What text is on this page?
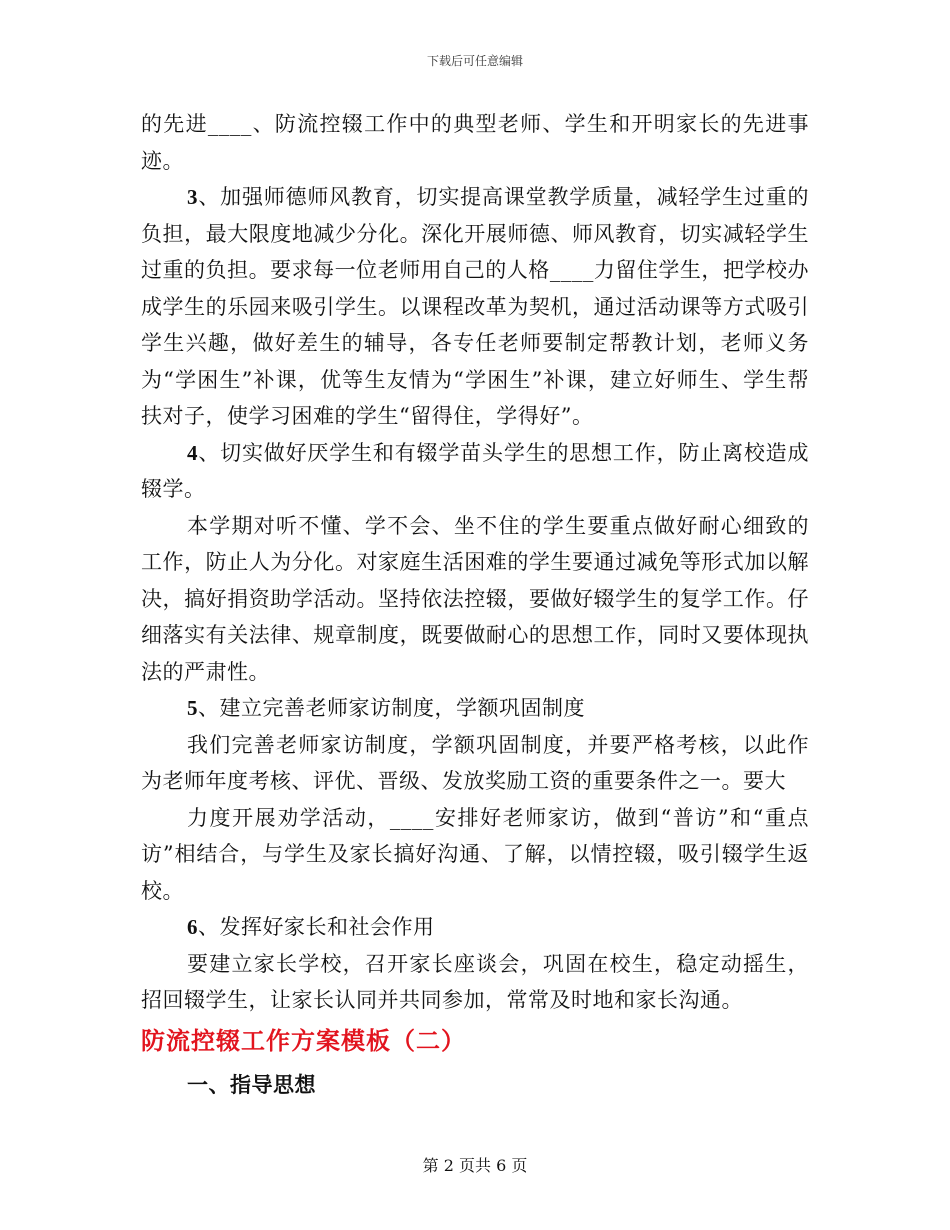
下载后可任意编辑

的先进____、防流控辍工作中的典型老师、学生和开明家长的先进事迹。

3、加强师德师风教育，切实提高课堂教学质量，减轻学生过重的负担，最大限度地减少分化。深化开展师德、师风教育，切实减轻学生过重的负担。要求每一位老师用自己的人格____力留住学生，把学校办成学生的乐园来吸引学生。以课程改革为契机，通过活动课等方式吸引学生兴趣，做好差生的辅导，各专任老师要制定帮教计划，老师义务为“学困生”补课，优等生友情为“学困生”补课，建立好师生、学生帮扶对子，使学习困难的学生“留得住，学得好”。

4、切实做好厌学生和有辍学苗头学生的思想工作，防止离校造成辍学。

本学期对听不懂、学不会、坐不住的学生要重点做好耐心细致的工作，防止人为分化。对家庭生活困难的学生要通过减免等形式加以解决，搞好捐资助学活动。坚持依法控辍，要做好辍学生的复学工作。仔细落实有关法律、规章制度，既要做耐心的思想工作，同时又要体现执法的严肃性。

5、建立完善老师家访制度，学额巩固制度

我们完善老师家访制度，学额巩固制度，并要严格考核，以此作为老师年度考核、评优、晋级、发放奖励工资的重要条件之一。要大

力度开展劝学活动，____安排好老师家访，做到“普访”和“重点访”相结合，与学生及家长搞好沟通、了解，以情控辍，吸引辍学生返校。

6、发挥好家长和社会作用

要建立家长学校，召开家长座谈会，巩固在校生，稳定动摇生，招回辍学生，让家长认同并共同参加，常常及时地和家长沟通。

防流控辍工作方案模板（二）

一、指导思想

第 2 页共 6 页
